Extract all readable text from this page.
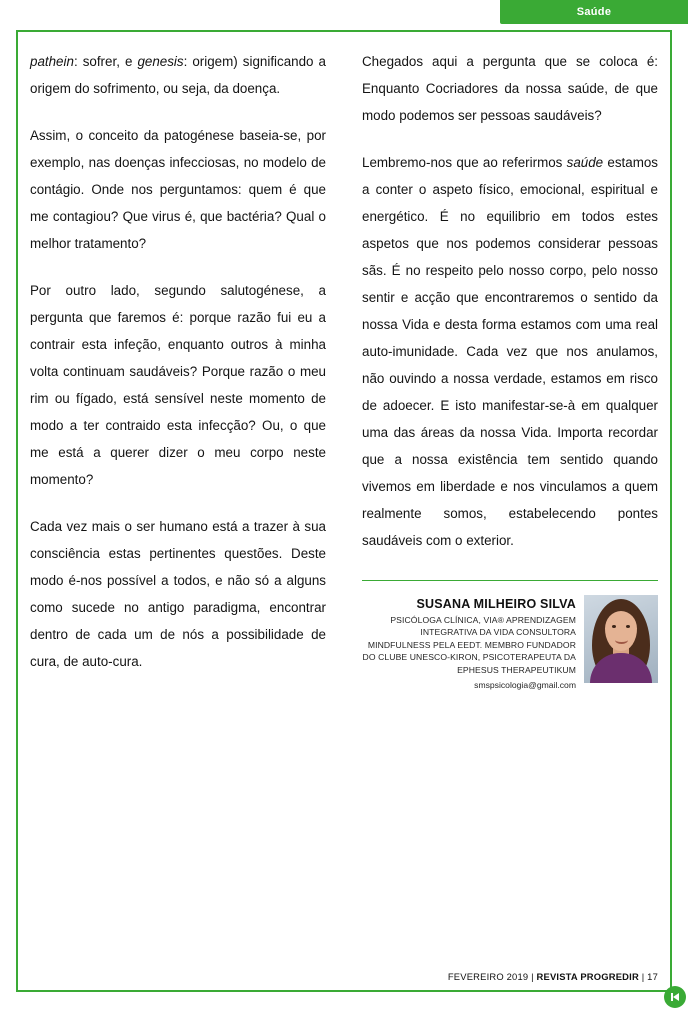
Saúde

pathein: sofrer, e genesis: origem) significando a origem do sofrimento, ou seja, da doença.

Assim, o conceito da patogénese baseia-se, por exemplo, nas doenças infecciosas, no modelo de contágio. Onde nos perguntamos: quem é que me contagiou? Que virus é, que bactéria? Qual o melhor tratamento?

Por outro lado, segundo salutogénese, a pergunta que faremos é: porque razão fui eu a contrair esta infeção, enquanto outros à minha volta continuam saudáveis? Porque razão o meu rim ou fígado, está sensível neste momento de modo a ter contraido esta infecção? Ou, o que me está a querer dizer o meu corpo neste momento?

Cada vez mais o ser humano está a trazer à sua consciência estas pertinentes questões. Deste modo é-nos possível a todos, e não só a alguns como sucede no antigo paradigma, encontrar dentro de cada um de nós a possibilidade de cura, de auto-cura.

Chegados aqui a pergunta que se coloca é: Enquanto Cocriadores da nossa saúde, de que modo podemos ser pessoas saudáveis?

Lembremo-nos que ao referirmos saúde estamos a conter o aspeto físico, emocional, espiritual e energético. É no equilibrio em todos estes aspetos que nos podemos considerar pessoas sãs. É no respeito pelo nosso corpo, pelo nosso sentir e acção que encontraremos o sentido da nossa Vida e desta forma estamos com uma real auto-imunidade. Cada vez que nos anulamos, não ouvindo a nossa verdade, estamos em risco de adoecer. E isto manifestar-se-à em qualquer uma das áreas da nossa Vida. Importa recordar que a nossa existência tem sentido quando vivemos em liberdade e nos vinculamos a quem realmente somos, estabelecendo pontes saudáveis com o exterior.

SUSANA MILHEIRO SILVA
PSICÓLOGA CLÍNICA, VIA® APRENDIZAGEM INTEGRATIVA DA VIDA CONSULTORA MINDFULNESS PELA EEDT. MEMBRO FUNDADOR DO CLUBE UNESCO-KIRON, PSICOTERAPEUTA DA EPHESUS THERAPEUTIKUM
smspsicologia@gmail.com
FEVEREIRO 2019 | REVISTA PROGREDIR | 17
